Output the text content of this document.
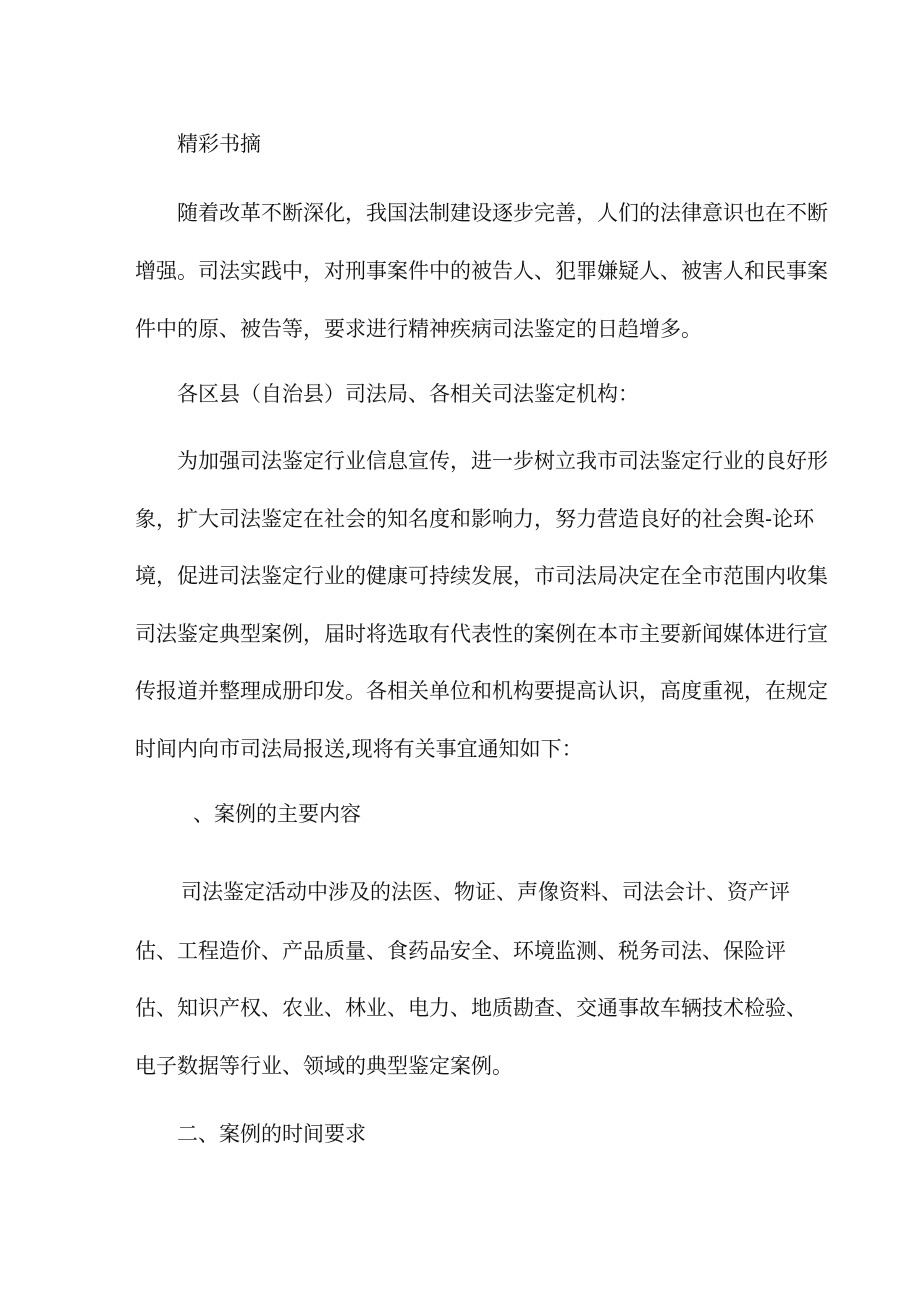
精彩书摘
随着改革不断深化，我国法制建设逐步完善，人们的法律意识也在不断
增强。司法实践中，对刑事案件中的被告人、犯罪嫌疑人、被害人和民事案
件中的原、被告等，要求进行精神疾病司法鉴定的日趋增多。
各区县（自治县）司法局、各相关司法鉴定机构：
为加强司法鉴定行业信息宣传，进一步树立我市司法鉴定行业的良好形
象，扩大司法鉴定在社会的知名度和影响力，努力营造良好的社会舆-论环
境，促进司法鉴定行业的健康可持续发展，市司法局决定在全市范围内收集
司法鉴定典型案例，届时将选取有代表性的案例在本市主要新闻媒体进行宣
传报道并整理成册印发。各相关单位和机构要提高认识，高度重视，在规定
时间内向市司法局报送,现将有关事宜通知如下：
、案例的主要内容
司法鉴定活动中涉及的法医、物证、声像资料、司法会计、资产评
估、工程造价、产品质量、食药品安全、环境监测、税务司法、保险评
估、知识产权、农业、林业、电力、地质勘查、交通事故车辆技术检验、
电子数据等行业、领域的典型鉴定案例。
二、案例的时间要求
